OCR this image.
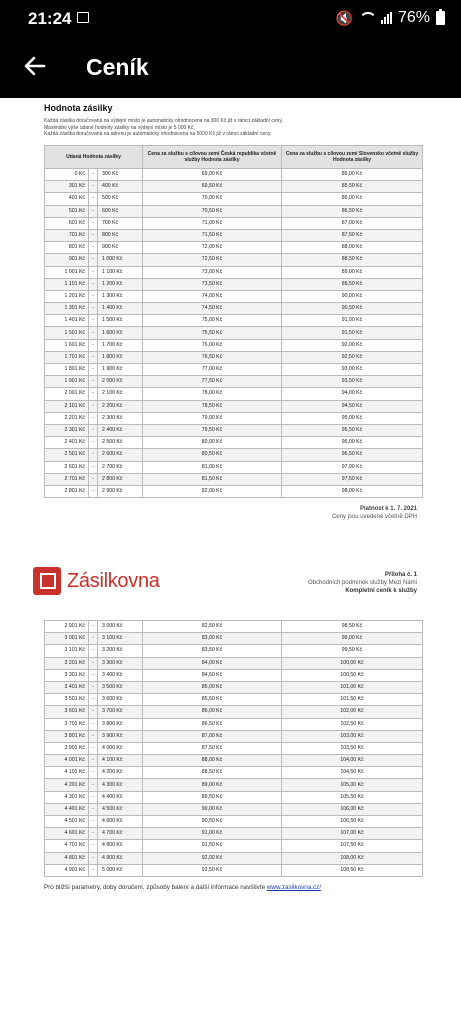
21:24	🔇	76%
Ceník
Hodnota zásilky
Každá zásilka doručovaná na výdejní místo je automaticky ohodnocena na 300 Kč již v rámci základní ceny.
Maximální výše udané hodnoty zásilky na výdejní místo je 5 000 Kč.
Každá zásilka doručovaná na adresu je automaticky ohodnocena na 5000 Kč již v rámci základní ceny.
Udaná Hodnota zásilky			Cena za službu s cílovou zemí Česká republika včetně služby Hodnota zásilky	Cena za službu s cílovou zemí Slovensko včetně služby Hodnota zásilky
0 Kč	-	300 Kč	69,00 Kč	85,00 Kč
301 Kč	-	400 Kč	69,50 Kč	85,50 Kč
401 Kč	-	500 Kč	70,00 Kč	86,00 Kč
501 Kč	-	600 Kč	70,50 Kč	86,50 Kč
601 Kč	-	700 Kč	71,00 Kč	87,00 Kč
701 Kč	-	800 Kč	71,50 Kč	87,50 Kč
801 Kč	-	900 Kč	72,00 Kč	88,00 Kč
901 Kč	-	1 000 Kč	72,50 Kč	88,50 Kč
1 001 Kč	-	1 100 Kč	73,00 Kč	89,00 Kč
1 101 Kč	-	1 200 Kč	73,50 Kč	89,50 Kč
1 201 Kč	-	1 300 Kč	74,00 Kč	90,00 Kč
1 301 Kč	-	1 400 Kč	74,50 Kč	90,50 Kč
1 401 Kč	-	1 500 Kč	75,00 Kč	91,00 Kč
1 501 Kč	-	1 600 Kč	75,50 Kč	91,50 Kč
1 601 Kč	-	1 700 Kč	76,00 Kč	92,00 Kč
1 701 Kč	-	1 800 Kč	76,50 Kč	92,50 Kč
1 801 Kč	-	1 900 Kč	77,00 Kč	93,00 Kč
1 901 Kč	-	2 000 Kč	77,50 Kč	93,50 Kč
2 001 Kč	-	2 100 Kč	78,00 Kč	94,00 Kč
2 101 Kč	-	2 200 Kč	78,50 Kč	94,50 Kč
2 201 Kč	-	2 300 Kč	79,00 Kč	95,00 Kč
2 301 Kč	-	2 400 Kč	79,50 Kč	95,50 Kč
2 401 Kč	-	2 500 Kč	80,00 Kč	96,00 Kč
2 501 Kč	-	2 600 Kč	80,50 Kč	96,50 Kč
2 601 Kč	-	2 700 Kč	81,00 Kč	97,00 Kč
2 701 Kč	-	2 800 Kč	81,50 Kč	97,50 Kč
2 801 Kč	-	2 900 Kč	82,00 Kč	98,00 Kč
Platnost k 1. 7. 2021
Ceny jsou uvedené včetně DPH
Zásilkovna	Příloha č. 1
Obchodních podmínek služby Mezi Námi
Kompletní ceník k služby
2 901 Kč	-	3 000 Kč	82,50 Kč	98,50 Kč
3 001 Kč	-	3 100 Kč	83,00 Kč	99,00 Kč
3 101 Kč	-	3 200 Kč	83,50 Kč	99,50 Kč
3 201 Kč	-	3 300 Kč	84,00 Kč	100,00 Kč
3 301 Kč	-	3 400 Kč	84,50 Kč	100,50 Kč
3 401 Kč	-	3 500 Kč	85,00 Kč	101,00 Kč
3 501 Kč	-	3 600 Kč	85,50 Kč	101,50 Kč
3 601 Kč	-	3 700 Kč	86,00 Kč	102,00 Kč
3 701 Kč	-	3 800 Kč	86,50 Kč	102,50 Kč
3 801 Kč	-	3 900 Kč	87,00 Kč	103,00 Kč
3 901 Kč	-	4 000 Kč	87,50 Kč	103,50 Kč
4 001 Kč	-	4 100 Kč	88,00 Kč	104,00 Kč
4 101 Kč	-	4 200 Kč	88,50 Kč	104,50 Kč
4 201 Kč	-	4 300 Kč	89,00 Kč	105,00 Kč
4 301 Kč	-	4 400 Kč	89,50 Kč	105,50 Kč
4 401 Kč	-	4 500 Kč	90,00 Kč	106,00 Kč
4 501 Kč	-	4 600 Kč	90,50 Kč	106,50 Kč
4 601 Kč	-	4 700 Kč	91,00 Kč	107,00 Kč
4 701 Kč	-	4 800 Kč	91,50 Kč	107,50 Kč
4 801 Kč	-	4 900 Kč	92,00 Kč	108,00 Kč
4 901 Kč	-	5 000 Kč	92,50 Kč	108,50 Kč
Pro bližší parametry, doby doručení, způsoby balení a další informace navštivte www.zasilkovna.cz/
